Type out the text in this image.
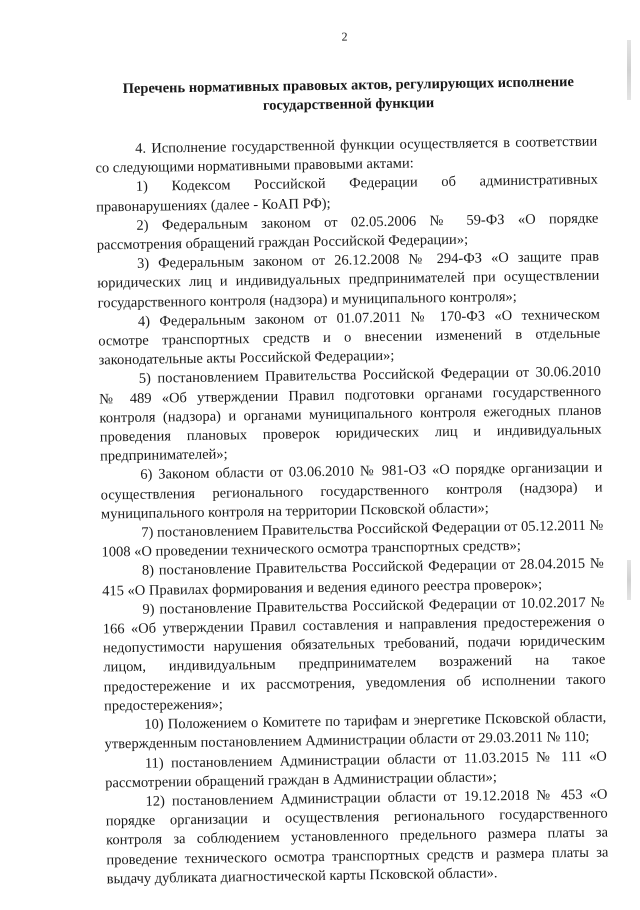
2
Перечень нормативных правовых актов, регулирующих исполнение
государственной функции

4. Исполнение государственной функции осуществляется в соответствии со следующими нормативными правовыми актами:

1) Кодексом Российской Федерации об административных правонарушениях (далее - КоАП РФ);

2) Федеральным законом от 02.05.2006 № 59-ФЗ «О порядке рассмотрения обращений граждан Российской Федерации»;

3) Федеральным законом от 26.12.2008 № 294-ФЗ «О защите прав юридических лиц и индивидуальных предпринимателей при осуществлении государственного контроля (надзора) и муниципального контроля»;

4) Федеральным законом от 01.07.2011 № 170-ФЗ «О техническом осмотре транспортных средств и о внесении изменений в отдельные законодательные акты Российской Федерации»;

5) постановлением Правительства Российской Федерации от 30.06.2010 № 489 «Об утверждении Правил подготовки органами государственного контроля (надзора) и органами муниципального контроля ежегодных планов проведения плановых проверок юридических лиц и индивидуальных предпринимателей»;

6) Законом области от 03.06.2010 № 981-ОЗ «О порядке организации и осуществления регионального государственного контроля (надзора) и муниципального контроля на территории Псковской области»;

7) постановлением Правительства Российской Федерации от 05.12.2011 № 1008 «О проведении технического осмотра транспортных средств»;

8) постановление Правительства Российской Федерации от 28.04.2015 № 415 «О Правилах формирования и ведения единого реестра проверок»;

9) постановление Правительства Российской Федерации от 10.02.2017 № 166 «Об утверждении Правил составления и направления предостережения о недопустимости нарушения обязательных требований, подачи юридическим лицом, индивидуальным предпринимателем возражений на такое предостережение и их рассмотрения, уведомления об исполнении такого предостережения»;

10) Положением о Комитете по тарифам и энергетике Псковской области, утвержденным постановлением Администрации области от 29.03.2011 № 110;

11) постановлением Администрации области от 11.03.2015 № 111 «О рассмотрении обращений граждан в Администрации области»;

12) постановлением Администрации области от 19.12.2018 № 453 «О порядке организации и осуществления регионального государственного контроля за соблюдением установленного предельного размера платы за проведение технического осмотра транспортных средств и размера платы за выдачу дубликата диагностической карты Псковской области».
